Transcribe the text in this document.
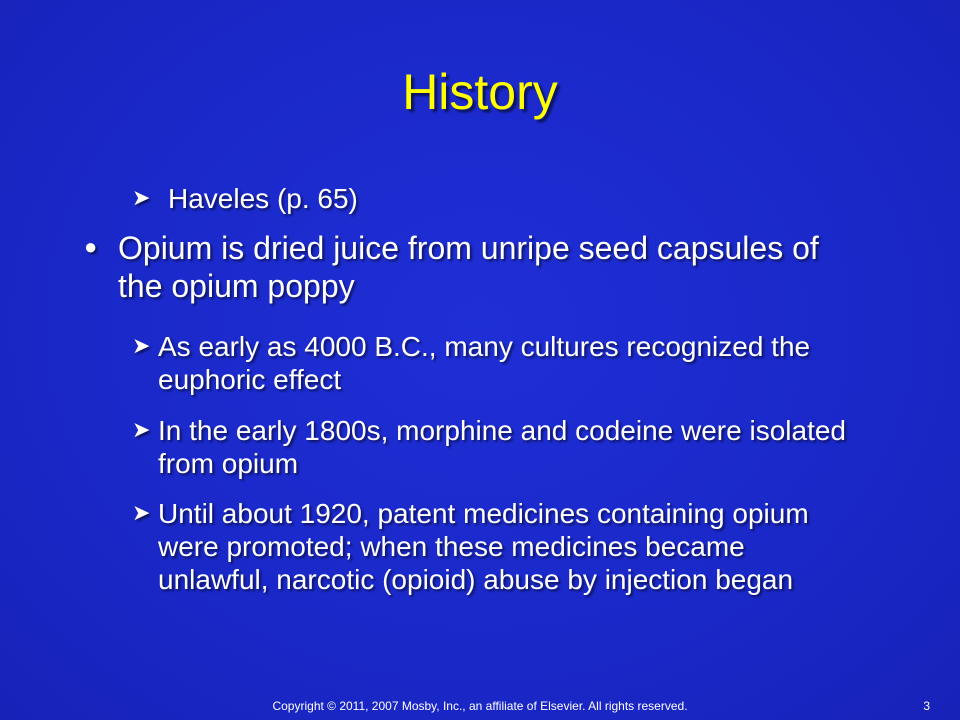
History
➤ Haveles (p. 65)
● Opium is dried juice from unripe seed capsules of the opium poppy
➤ As early as 4000 B.C., many cultures recognized the euphoric effect
➤ In the early 1800s, morphine and codeine were isolated from opium
➤ Until about 1920, patent medicines containing opium were promoted; when these medicines became unlawful, narcotic (opioid) abuse by injection began
Copyright © 2011, 2007 Mosby, Inc., an affiliate of Elsevier. All rights reserved.	3
